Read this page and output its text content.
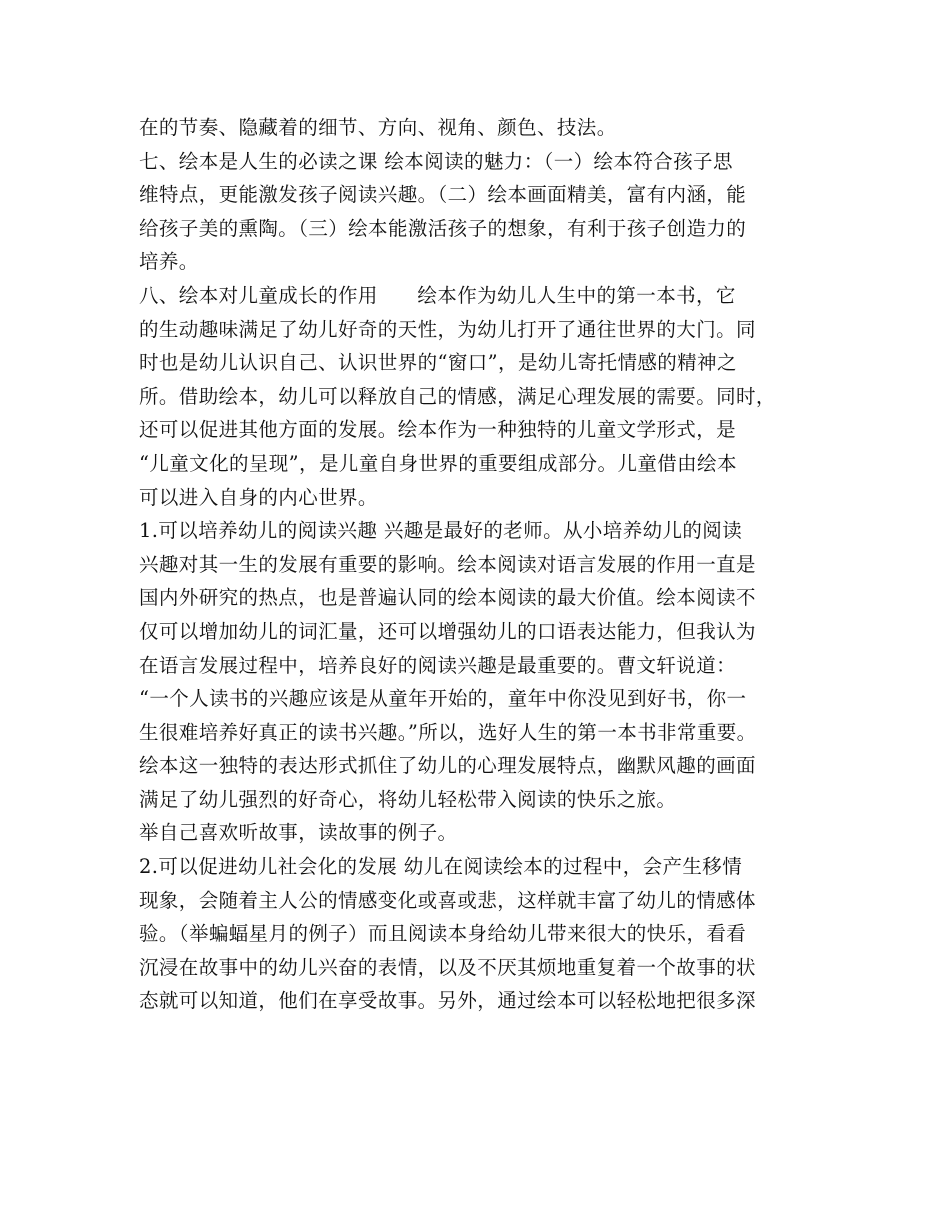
在的节奏、隐藏着的细节、方向、视角、颜色、技法。
七、绘本是人生的必读之课 绘本阅读的魅力：（一）绘本符合孩子思
维特点，更能激发孩子阅读兴趣。（二）绘本画面精美，富有内涵，能
给孩子美的熏陶。（三）绘本能激活孩子的想象，有利于孩子创造力的
培养。
八、绘本对儿童成长的作用      绘本作为幼儿人生中的第一本书，它
的生动趣味满足了幼儿好奇的天性，为幼儿打开了通往世界的大门。同
时也是幼儿认识自己、认识世界的“窗口”，是幼儿寄托情感的精神之
所。借助绘本，幼儿可以释放自己的情感，满足心理发展的需要。同时，
还可以促进其他方面的发展。绘本作为一种独特的儿童文学形式，是
“儿童文化的呈现”，是儿童自身世界的重要组成部分。儿童借由绘本
可以进入自身的内心世界。
1.可以培养幼儿的阅读兴趣 兴趣是最好的老师。从小培养幼儿的阅读
兴趣对其一生的发展有重要的影响。绘本阅读对语言发展的作用一直是
国内外研究的热点，也是普遍认同的绘本阅读的最大价值。绘本阅读不
仅可以增加幼儿的词汇量，还可以增强幼儿的口语表达能力，但我认为
在语言发展过程中，培养良好的阅读兴趣是最重要的。曹文轩说道：
“一个人读书的兴趣应该是从童年开始的，童年中你没见到好书，你一
生很难培养好真正的读书兴趣。”所以，选好人生的第一本书非常重要。
绘本这一独特的表达形式抓住了幼儿的心理发展特点，幽默风趣的画面
满足了幼儿强烈的好奇心，将幼儿轻松带入阅读的快乐之旅。
举自己喜欢听故事，读故事的例子。
2.可以促进幼儿社会化的发展 幼儿在阅读绘本的过程中，会产生移情
现象，会随着主人公的情感变化或喜或悲，这样就丰富了幼儿的情感体
验。（举蝙蝠星月的例子）而且阅读本身给幼儿带来很大的快乐，看看
沉浸在故事中的幼儿兴奋的表情，以及不厌其烦地重复着一个故事的状
态就可以知道，他们在享受故事。另外，通过绘本可以轻松地把很多深
